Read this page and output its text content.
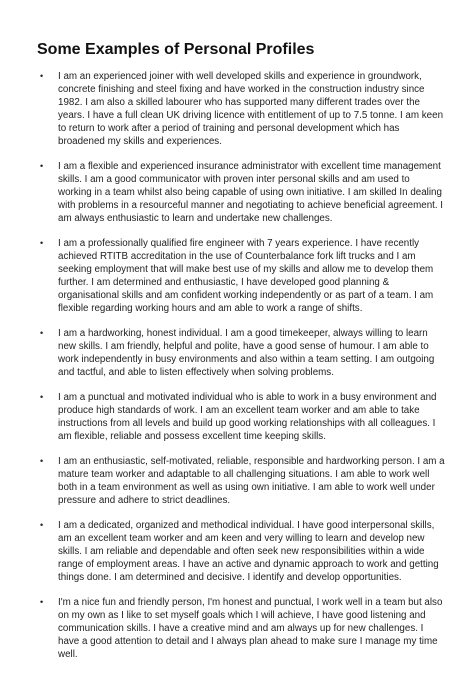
Some Examples of Personal Profiles
• I am an experienced joiner with well developed skills and experience in groundwork, concrete finishing and steel fixing and have worked in the construction industry since 1982. I am also a skilled labourer who has supported many different trades over the years. I have a full clean UK driving licence with entitlement of up to 7.5 tonne. I am keen to return to work after a period of training and personal development which has broadened my skills and experiences.
• I am a flexible and experienced insurance administrator with excellent time management skills. I am a good communicator with proven inter personal skills and am used to working in a team whilst also being capable of using own initiative. I am skilled In dealing with problems in a resourceful manner and negotiating to achieve beneficial agreement. I am always enthusiastic to learn and undertake new challenges.
• I am a professionally qualified fire engineer with 7 years experience. I have recently achieved RTITB accreditation in the use of Counterbalance fork lift trucks and I am seeking employment that will make best use of my skills and allow me to develop them further. I am determined and enthusiastic, I have developed good planning & organisational skills and am confident working independently or as part of a team. I am flexible regarding working hours and am able to work a range of shifts.
• I am a hardworking, honest individual. I am a good timekeeper, always willing to learn new skills. I am friendly, helpful and polite, have a good sense of humour. I am able to work independently in busy environments and also within a team setting. I am outgoing and tactful, and able to listen effectively when solving problems.
• I am a punctual and motivated individual who is able to work in a busy environment and produce high standards of work. I am an excellent team worker and am able to take instructions from all levels and build up good working relationships with all colleagues. I am flexible, reliable and possess excellent time keeping skills.
• I am an enthusiastic, self-motivated, reliable, responsible and hardworking person. I am a mature team worker and adaptable to all challenging situations. I am able to work well both in a team environment as well as using own initiative. I am able to work well under pressure and adhere to strict deadlines.
• I am a dedicated, organized and methodical individual. I have good interpersonal skills, am an excellent team worker and am keen and very willing to learn and develop new skills. I am reliable and dependable and often seek new responsibilities within a wide range of employment areas. I have an active and dynamic approach to work and getting things done. I am determined and decisive. I identify and develop opportunities.
• I'm a nice fun and friendly person, I'm honest and punctual, I work well in a team but also on my own as I like to set myself goals which I will achieve, I have good listening and communication skills. I have a creative mind and am always up for new challenges. I have a good attention to detail and I always plan ahead to make sure I manage my time well.
